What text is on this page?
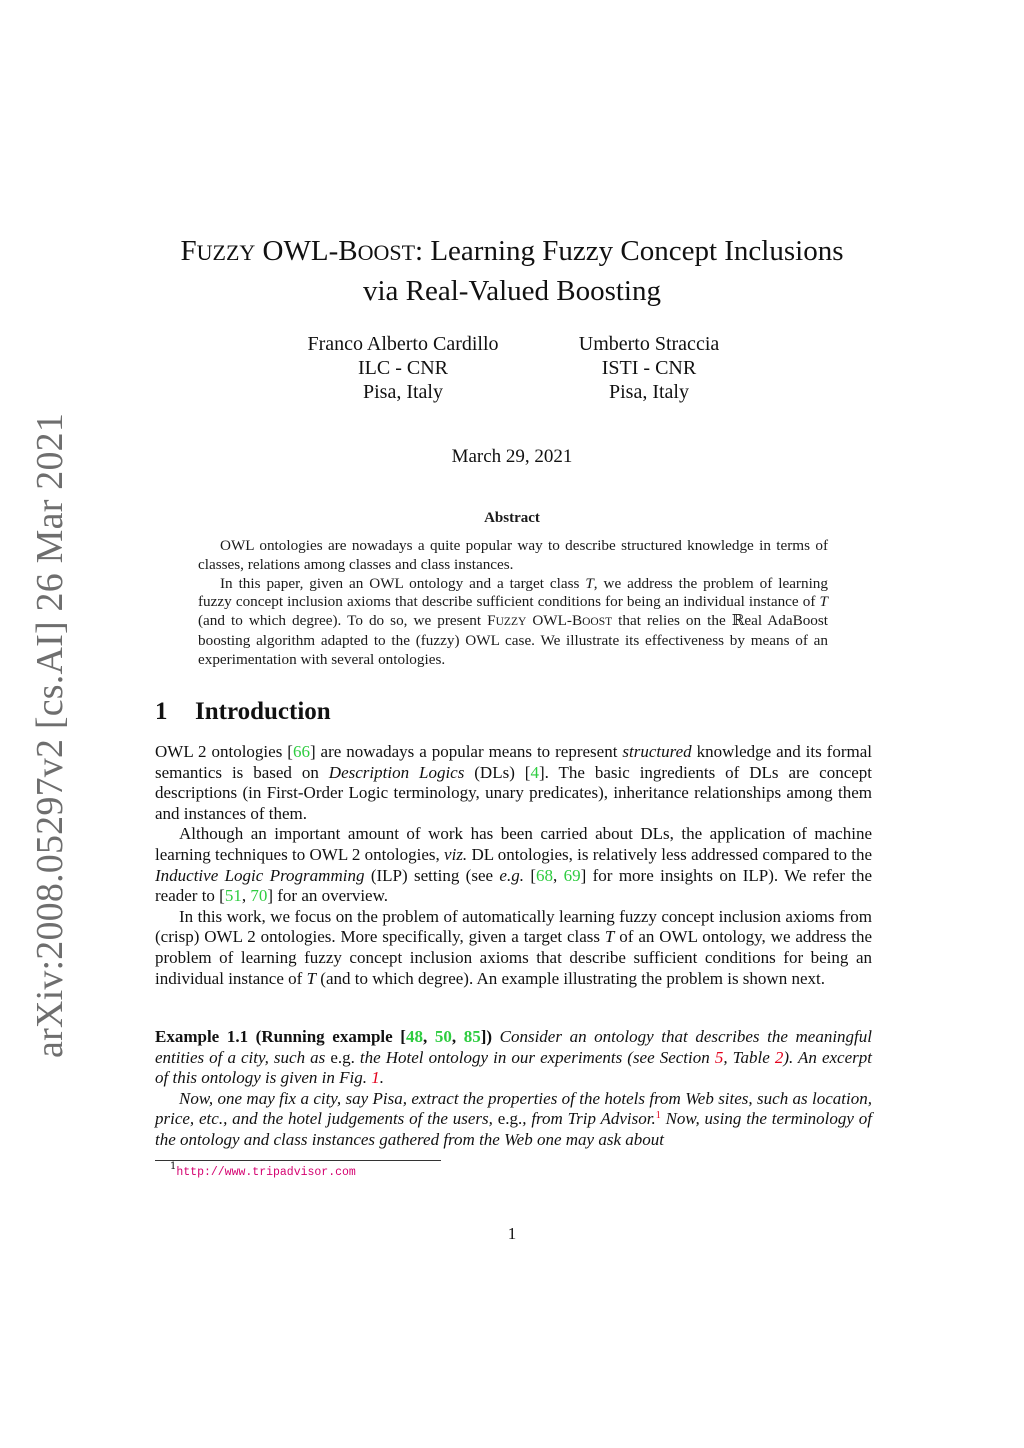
arXiv:2008.05297v2 [cs.AI] 26 Mar 2021
FUZZY OWL-BOOST: Learning Fuzzy Concept Inclusions
via Real-Valued Boosting
Franco Alberto Cardillo
ILC - CNR
Pisa, Italy
Umberto Straccia
ISTI - CNR
Pisa, Italy
March 29, 2021
Abstract

OWL ontologies are nowadays a quite popular way to describe structured knowledge in terms of classes, relations among classes and class instances.

In this paper, given an OWL ontology and a target class T, we address the problem of learning fuzzy concept inclusion axioms that describe sufficient conditions for being an individual instance of T (and to which degree). To do so, we present FUZZY OWL-BOOST that relies on the ℝeal AdaBoost boosting algorithm adapted to the (fuzzy) OWL case. We illustrate its effectiveness by means of an experimentation with several ontologies.

1 Introduction

OWL 2 ontologies [66] are nowadays a popular means to represent structured knowledge and its formal semantics is based on Description Logics (DLs) [4]. The basic ingredients of DLs are concept descriptions (in First-Order Logic terminology, unary predicates), inheritance relationships among them and instances of them.

Although an important amount of work has been carried about DLs, the application of machine learning techniques to OWL 2 ontologies, viz. DL ontologies, is relatively less addressed compared to the Inductive Logic Programming (ILP) setting (see e.g. [68, 69] for more insights on ILP). We refer the reader to [51, 70] for an overview.

In this work, we focus on the problem of automatically learning fuzzy concept inclusion axioms from (crisp) OWL 2 ontologies. More specifically, given a target class T of an OWL ontology, we address the problem of learning fuzzy concept inclusion axioms that describe sufficient conditions for being an individual instance of T (and to which degree). An example illustrating the problem is shown next.

Example 1.1 (Running example [48, 50, 85]) Consider an ontology that describes the meaningful entities of a city, such as e.g. the Hotel ontology in our experiments (see Section 5, Table 2). An excerpt of this ontology is given in Fig. 1.

Now, one may fix a city, say Pisa, extract the properties of the hotels from Web sites, such as location, price, etc., and the hotel judgements of the users, e.g., from Trip Advisor.$^1$ Now, using the terminology of the ontology and class instances gathered from the Web one may ask about

$^1$http://www.tripadvisor.com
1
